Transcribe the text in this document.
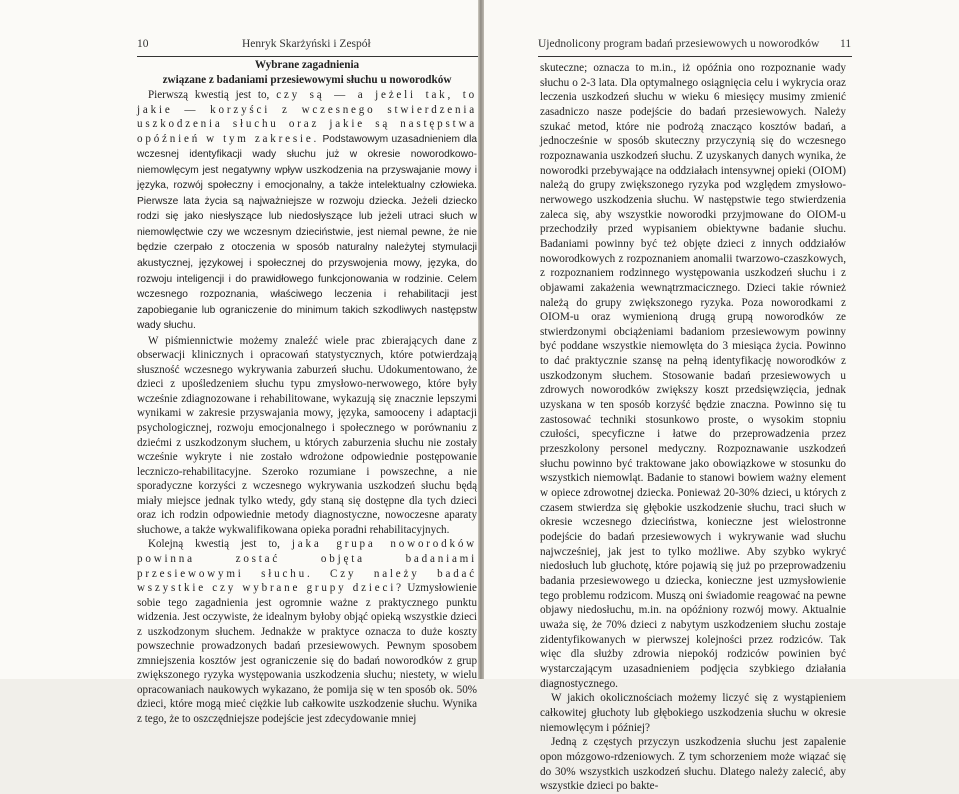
10	Henryk Skarżyński i Zespół
Wybrane zagadnienia
związane z badaniami przesiewowymi słuchu u noworodków

Pierwszą kwestią jest to, czy są — a jeżeli tak, to jakie — korzyści z wczesnego stwierdzenia uszkodzenia słuchu oraz jakie są następstwa opóźnień w tym zakresie. Podstawowym uzasadnieniem dla wczesnej identyfikacji wady słuchu już w okresie noworodkowo-niemowlęcym jest negatywny wpływ uszkodzenia na przyswajanie mowy i języka, rozwój społeczny i emocjonalny, a także intelektualny człowieka. Pierwsze lata życia są najważniejsze w rozwoju dziecka. Jeżeli dziecko rodzi się jako niesłyszące lub niedosłyszące lub jeżeli utraci słuch w niemowlęctwie czy we wczesnym dzieciństwie, jest niemal pewne, że nie będzie czerpało z otoczenia w sposób naturalny należytej stymulacji akustycznej, językowej i społecznej do przyswojenia mowy, języka, do rozwoju inteligencji i do prawidłowego funkcjonowania w rodzinie. Celem wczesnego rozpoznania, właściwego leczenia i rehabilitacji jest zapobieganie lub ograniczenie do minimum takich szkodliwych następstw wady słuchu.

W piśmiennictwie możemy znaleźć wiele prac zbierających dane z obserwacji klinicznych i opracowań statystycznych, które potwierdzają słuszność wczesnego wykrywania zaburzeń słuchu. Udokumentowano, że dzieci z upośledzeniem słuchu typu zmysłowo-nerwowego, które były wcześnie zdiagnozowane i rehabilitowane, wykazują się znacznie lepszymi wynikami w zakresie przyswajania mowy, języka, samooceny i adaptacji psychologicznej, rozwoju emocjonalnego i społecznego w porównaniu z dziećmi z uszkodzonym słuchem, u których zaburzenia słuchu nie zostały wcześnie wykryte i nie zostało wdrożone odpowiednie postępowanie leczniczo-rehabilitacyjne. Szeroko rozumiane i powszechne, a nie sporadyczne korzyści z wczesnego wykrywania uszkodzeń słuchu będą miały miejsce jednak tylko wtedy, gdy staną się dostępne dla tych dzieci oraz ich rodzin odpowiednie metody diagnostyczne, nowoczesne aparaty słuchowe, a także wykwalifikowana opieka poradni rehabilitacyjnych.

Kolejną kwestią jest to, jaka grupa noworodków powinna zostać objęta badaniami przesiewowymi słuchu. Czy należy badać wszystkie czy wybrane grupy dzieci? Uzmysłowienie sobie tego zagadnienia jest ogromnie ważne z praktycznego punktu widzenia. Jest oczywiste, że idealnym byłoby objąć opieką wszystkie dzieci z uszkodzonym słuchem. Jednakże w praktyce oznacza to duże koszty powszechnie prowadzonych badań przesiewowych. Pewnym sposobem zmniejszenia kosztów jest ograniczenie się do badań noworodków z grup zwiększonego ryzyka występowania uszkodzenia słuchu; niestety, w wielu opracowaniach naukowych wykazano, że pomija się w ten sposób ok. 50% dzieci, które mogą mieć ciężkie lub całkowite uszkodzenie słuchu. Wynika z tego, że to oszczędniejsze podejście jest zdecydowanie mniej

Ujednolicony program badań przesiewowych u noworodków 11

skuteczne; oznacza to m.in., iż opóźnia ono rozpoznanie wady słuchu o 2-3 lata. Dla optymalnego osiągnięcia celu i wykrycia oraz leczenia uszkodzeń słuchu w wieku 6 miesięcy musimy zmienić zasadniczo nasze podejście do badań przesiewowych. Należy szukać metod, które nie podrożą znacząco kosztów badań, a jednocześnie w sposób skuteczny przyczynią się do wczesnego rozpoznawania uszkodzeń słuchu. Z uzyskanych danych wynika, że noworodki przebywające na oddziałach intensywnej opieki (OIOM) należą do grupy zwiększonego ryzyka pod względem zmysłowo-nerwowego uszkodzenia słuchu. W następstwie tego stwierdzenia zaleca się, aby wszystkie noworodki przyjmowane do OIOM-u przechodziły przed wypisaniem obiektywne badanie słuchu. Badaniami powinny być też objęte dzieci z innych oddziałów noworodkowych z rozpoznaniem anomalii twarzowo-czaszkowych, z rozpoznaniem rodzinnego występowania uszkodzeń słuchu i z objawami zakażenia wewnątrzmacicznego. Dzieci takie również należą do grupy zwiększonego ryzyka. Poza noworodkami z OIOM-u oraz wymienioną drugą grupą noworodków ze stwierdzonymi obciążeniami badaniom przesiewowym powinny być poddane wszystkie niemowlęta do 3 miesiąca życia. Powinno to dać praktycznie szansę na pełną identyfikację noworodków z uszkodzonym słuchem. Stosowanie badań przesiewowych u zdrowych noworodków zwiększy koszt przedsięwzięcia, jednak uzyskana w ten sposób korzyść będzie znaczna. Powinno się tu zastosować techniki stosunkowo proste, o wysokim stopniu czułości, specyficzne i łatwe do przeprowadzenia przez przeszkolony personel medyczny. Rozpoznawanie uszkodzeń słuchu powinno być traktowane jako obowiązkowe w stosunku do wszystkich niemowląt. Badanie to stanowi bowiem ważny element w opiece zdrowotnej dziecka. Ponieważ 20-30% dzieci, u których z czasem stwierdza się głębokie uszkodzenie słuchu, traci słuch w okresie wczesnego dzieciństwa, konieczne jest wielostronne podejście do badań przesiewowych i wykrywanie wad słuchu najwcześniej, jak jest to tylko możliwe. Aby szybko wykryć niedosłuch lub głuchotę, które pojawią się już po przeprowadzeniu badania przesiewowego u dziecka, konieczne jest uzmysłowienie tego problemu rodzicom. Muszą oni świadomie reagować na pewne objawy niedosłuchu, m.in. na opóźniony rozwój mowy. Aktualnie uważa się, że 70% dzieci z nabytym uszkodzeniem słuchu zostaje zidentyfikowanych w pierwszej kolejności przez rodziców. Tak więc dla służby zdrowia niepokój rodziców powinien być wystarczającym uzasadnieniem podjęcia szybkiego działania diagnostycznego.

W jakich okolicznościach możemy liczyć się z wystąpieniem całkowitej głuchoty lub głębokiego uszkodzenia słuchu w okresie niemowlęcym i później?

Jedną z częstych przyczyn uszkodzenia słuchu jest zapalenie opon mózgowo-rdzeniowych. Z tym schorzeniem może wiązać się do 30% wszystkich uszkodzeń słuchu. Dlatego należy zalecić, aby wszystkie dzieci po bakte-
